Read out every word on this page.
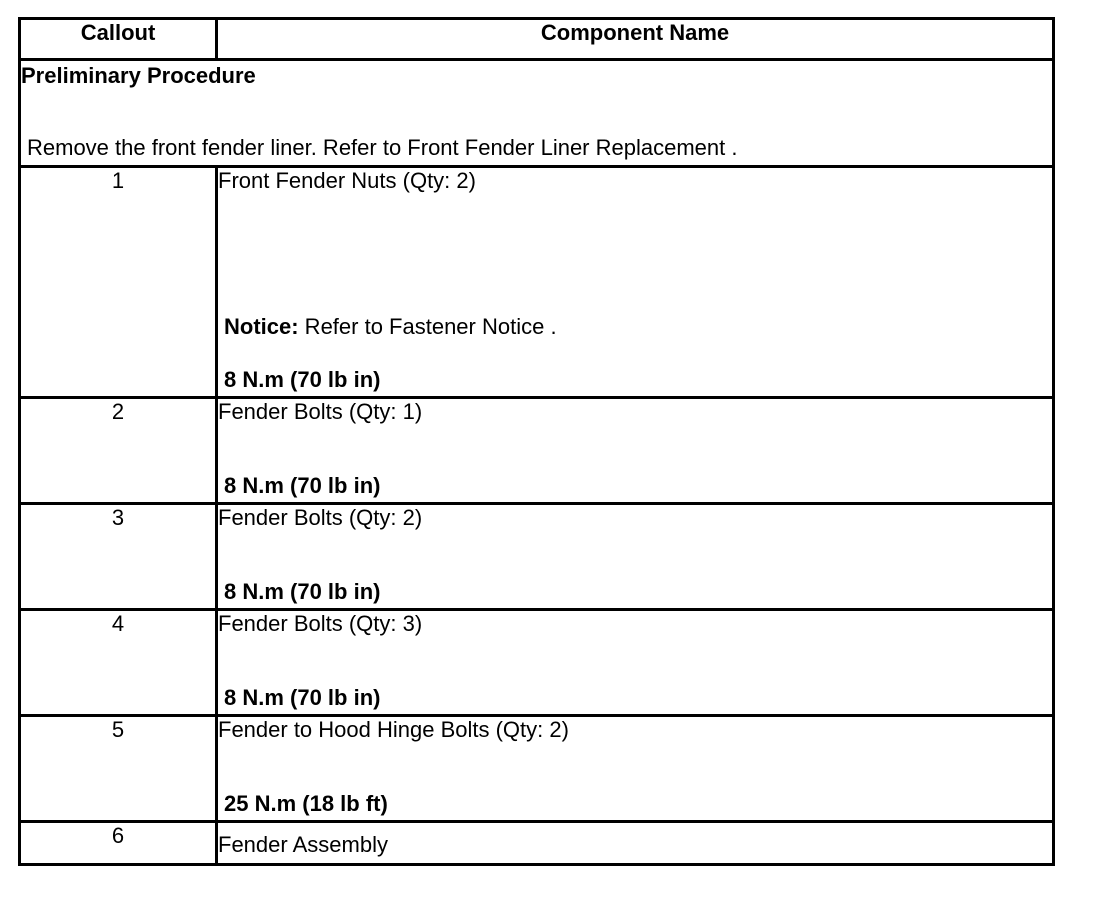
Callout	Component Name

Preliminary Procedure
Remove the front fender liner. Refer to Front Fender Liner Replacement .	

1	Front Fender Nuts (Qty: 2)
Notice: Refer to Fastener Notice .
8 N.m (70 lb in)

2	Fender Bolts (Qty: 1)
8 N.m (70 lb in)

3	Fender Bolts (Qty: 2)
8 N.m (70 lb in)

4	Fender Bolts (Qty: 3)
8 N.m (70 lb in)

5	Fender to Hood Hinge Bolts (Qty: 2)
25 N.m (18 lb ft)

6	Fender Assembly
